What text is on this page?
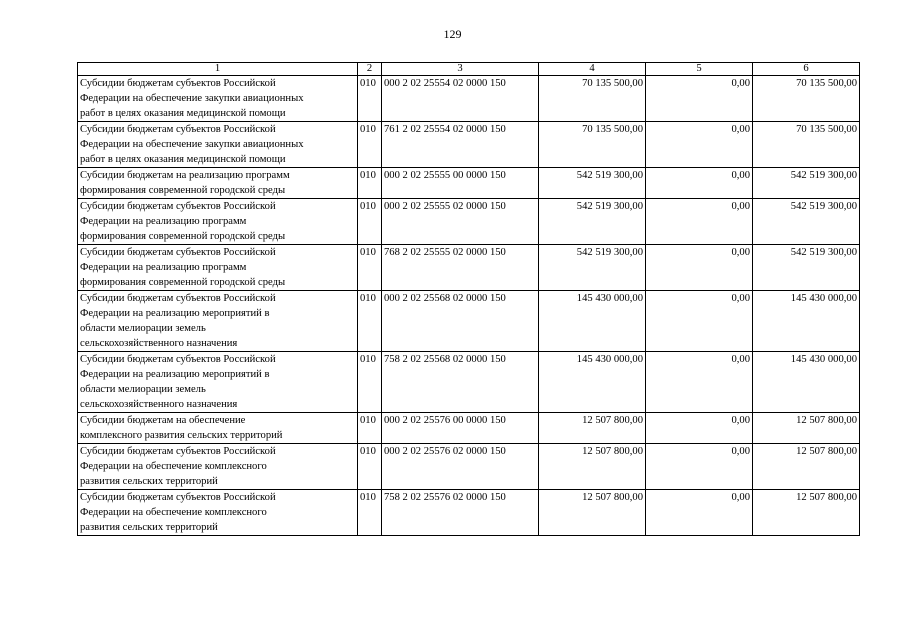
129
1	2	3	4	5	6

Субсидии бюджетам субъектов Российской
Федерации на обеспечение закупки авиационных
работ в целях оказания медицинской помощи	010	000 2 02 25554 02 0000 150	70 135 500,00	0,00	70 135 500,00

Субсидии бюджетам субъектов Российской
Федерации на обеспечение закупки авиационных
работ в целях оказания медицинской помощи	010	761 2 02 25554 02 0000 150	70 135 500,00	0,00	70 135 500,00

Субсидии бюджетам на реализацию программ
формирования современной городской среды	010	000 2 02 25555 00 0000 150	542 519 300,00	0,00	542 519 300,00

Субсидии бюджетам субъектов Российской
Федерации на реализацию программ
формирования современной городской среды	010	000 2 02 25555 02 0000 150	542 519 300,00	0,00	542 519 300,00

Субсидии бюджетам субъектов Российской
Федерации на реализацию программ
формирования современной городской среды	010	768 2 02 25555 02 0000 150	542 519 300,00	0,00	542 519 300,00

Субсидии бюджетам субъектов Российской
Федерации на реализацию мероприятий в
области мелиорации земель
сельскохозяйственного назначения	010	000 2 02 25568 02 0000 150	145 430 000,00	0,00	145 430 000,00

Субсидии бюджетам субъектов Российской
Федерации на реализацию мероприятий в
области мелиорации земель
сельскохозяйственного назначения	010	758 2 02 25568 02 0000 150	145 430 000,00	0,00	145 430 000,00

Субсидии бюджетам на обеспечение
комплексного развития сельских территорий	010	000 2 02 25576 00 0000 150	12 507 800,00	0,00	12 507 800,00

Субсидии бюджетам субъектов Российской
Федерации на обеспечение комплексного
развития сельских территорий	010	000 2 02 25576 02 0000 150	12 507 800,00	0,00	12 507 800,00

Субсидии бюджетам субъектов Российской
Федерации на обеспечение комплексного
развития сельских территорий	010	758 2 02 25576 02 0000 150	12 507 800,00	0,00	12 507 800,00
